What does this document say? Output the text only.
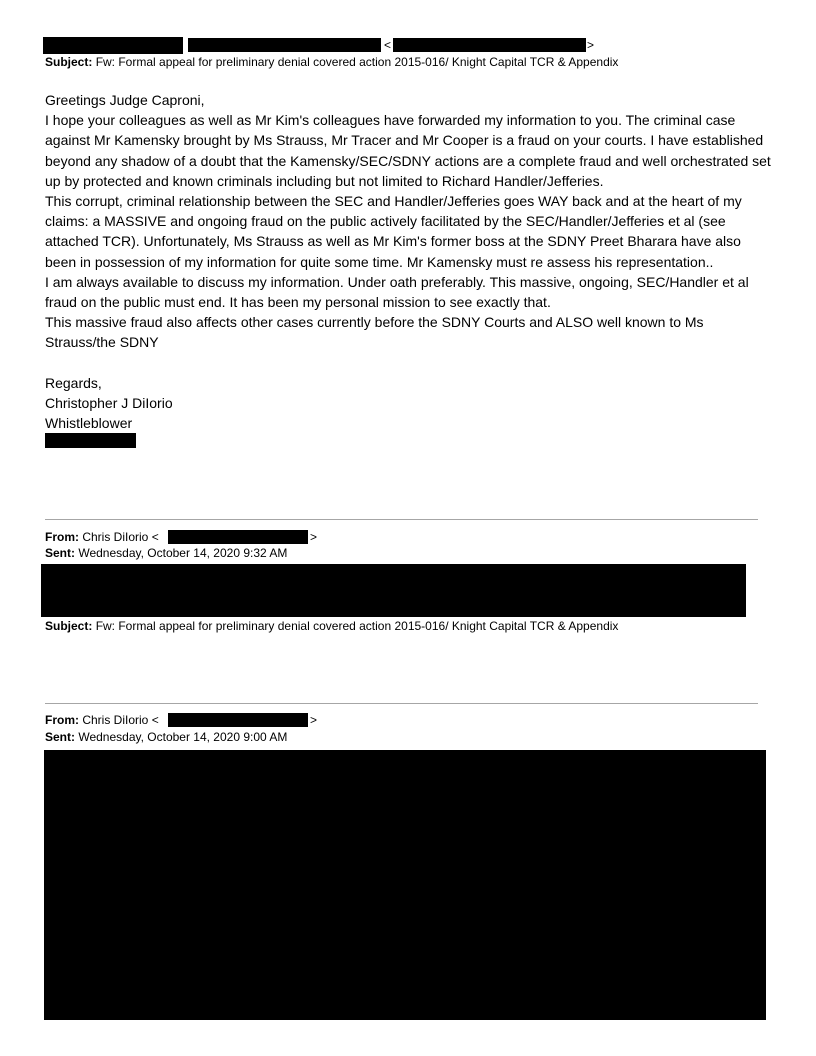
<	>
Subject: Fw: Formal appeal for preliminary denial covered action 2015-016/ Knight Capital TCR & Appendix

Greetings Judge Caproni,

I hope your colleagues as well as Mr Kim's colleagues have forwarded my information to you. The criminal case against Mr Kamensky brought by Ms Strauss, Mr Tracer and Mr Cooper is a fraud on your courts. I have established beyond any shadow of a doubt that the Kamensky/SEC/SDNY actions are a complete fraud and well orchestrated set up by protected and known criminals including but not limited to Richard Handler/Jefferies.

This corrupt, criminal relationship between the SEC and Handler/Jefferies goes WAY back and at the heart of my claims: a MASSIVE and ongoing fraud on the public actively facilitated by the SEC/Handler/Jefferies et al (see attached TCR). Unfortunately, Ms Strauss as well as Mr Kim's former boss at the SDNY Preet Bharara have also been in possession of my information for quite some time. Mr Kamensky must re assess his representation..

I am always available to discuss my information. Under oath preferably. This massive, ongoing, SEC/Handler et al fraud on the public must end. It has been my personal mission to see exactly that.

This massive fraud also affects other cases currently before the SDNY Courts and ALSO well known to Ms Strauss/the SDNY

Regards,

Christopher J DiIorio

Whistleblower

From: Chris DiIorio <	>
Sent: Wednesday, October 14, 2020 9:32 AM
Subject: Fw: Formal appeal for preliminary denial covered action 2015-016/ Knight Capital TCR & Appendix
From: Chris DiIorio <	>
Sent: Wednesday, October 14, 2020 9:00 AM
